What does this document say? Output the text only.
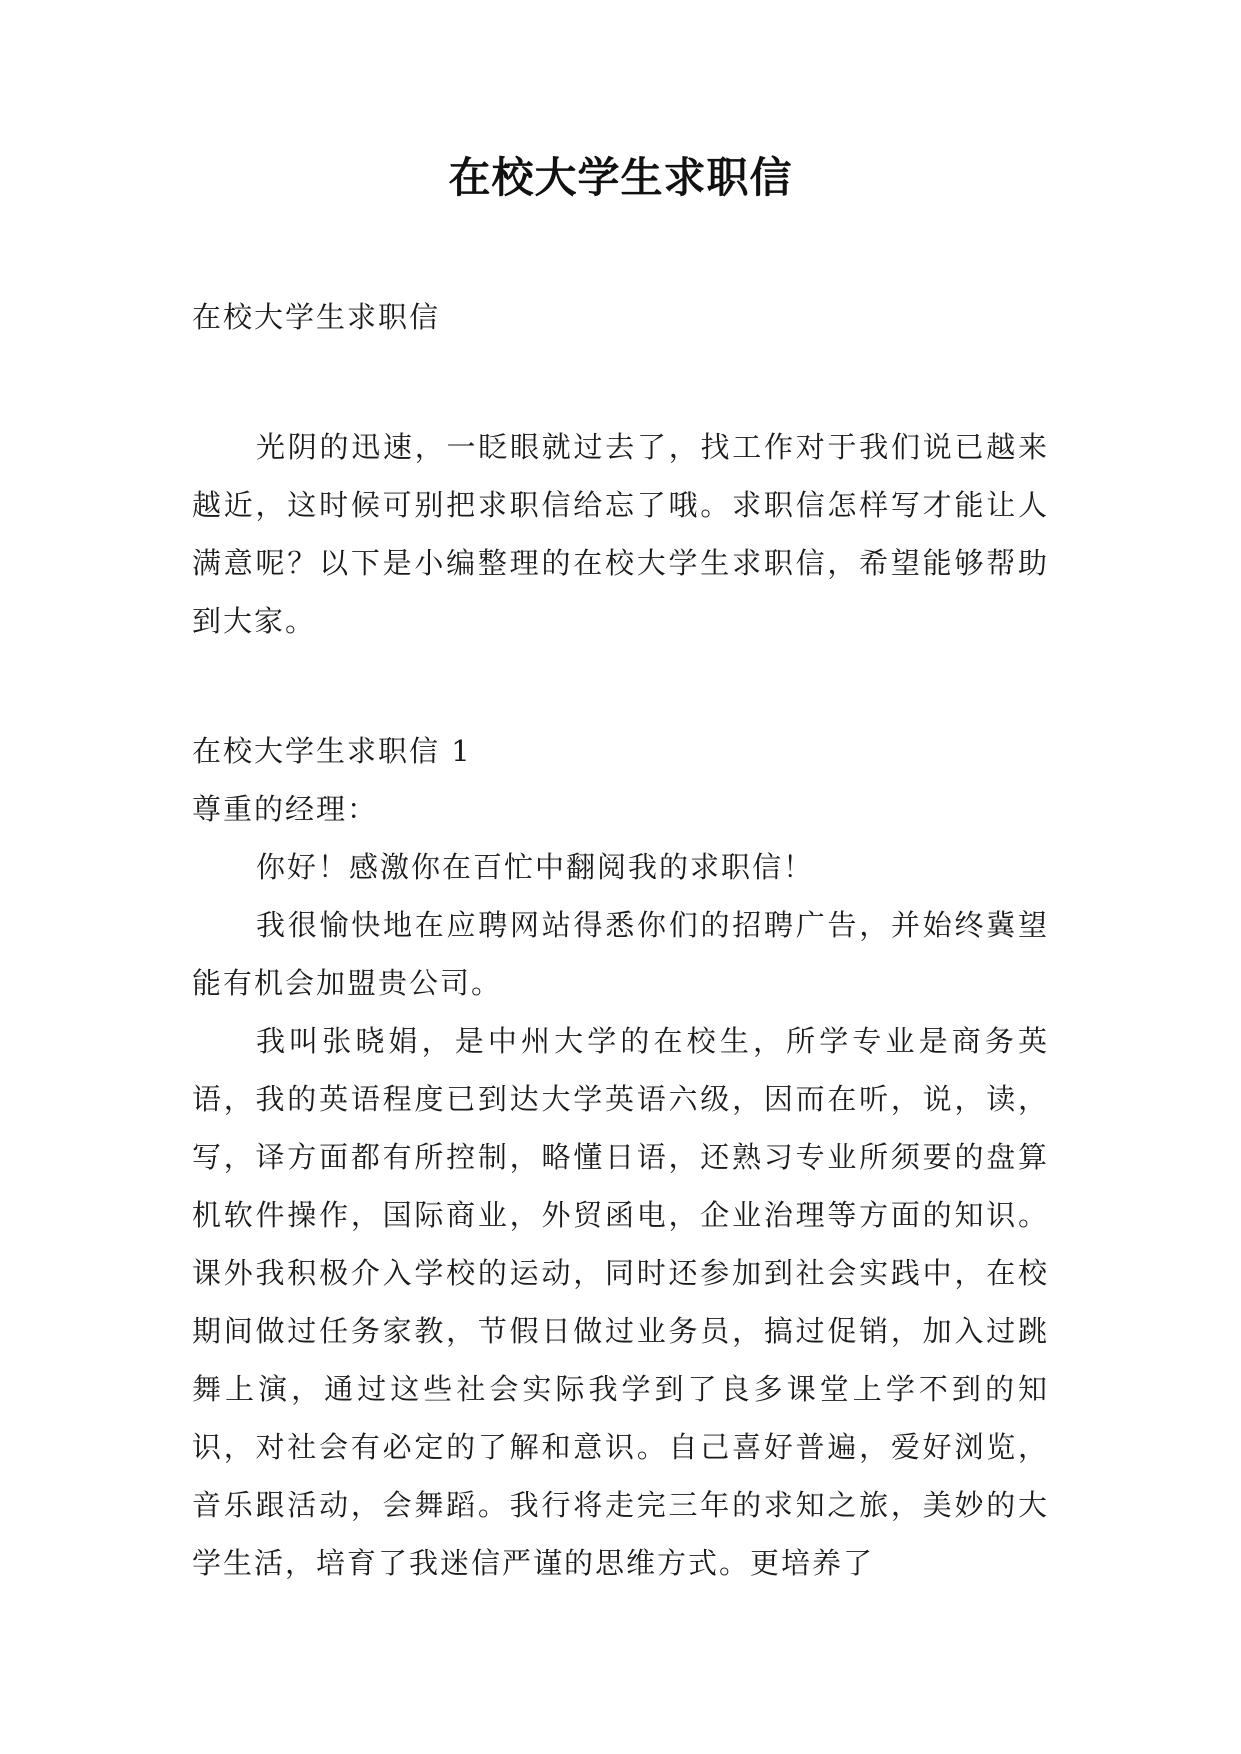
在校大学生求职信

在校大学生求职信

光阴的迅速，一眨眼就过去了，找工作对于我们说已越来越近，这时候可别把求职信给忘了哦。求职信怎样写才能让人满意呢？以下是小编整理的在校大学生求职信，希望能够帮助到大家。

在校大学生求职信 1

尊重的经理：

你好！感激你在百忙中翻阅我的求职信！

我很愉快地在应聘网站得悉你们的招聘广告，并始终冀望能有机会加盟贵公司。

我叫张晓娟，是中州大学的在校生，所学专业是商务英语，我的英语程度已到达大学英语六级，因而在听，说，读，写，译方面都有所控制，略懂日语，还熟习专业所须要的盘算机软件操作，国际商业，外贸函电，企业治理等方面的知识。课外我积极介入学校的运动，同时还参加到社会实践中，在校期间做过任务家教，节假日做过业务员，搞过促销，加入过跳舞上演，通过这些社会实际我学到了良多课堂上学不到的知识，对社会有必定的了解和意识。自己喜好普遍，爱好浏览，音乐跟活动，会舞蹈。我行将走完三年的求知之旅，美妙的大学生活，培育了我迷信严谨的思维方式。更培养了
